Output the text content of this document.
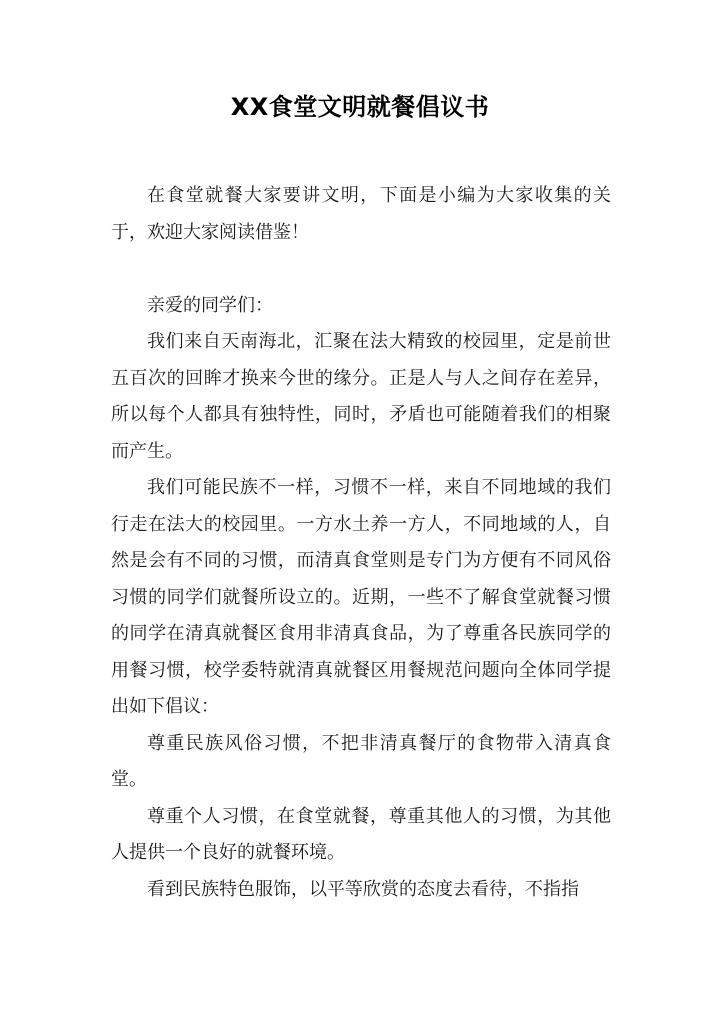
XX食堂文明就餐倡议书

在食堂就餐大家要讲文明，下面是小编为大家收集的关于，欢迎大家阅读借鉴！

亲爱的同学们：

我们来自天南海北，汇聚在法大精致的校园里，定是前世五百次的回眸才换来今世的缘分。正是人与人之间存在差异，所以每个人都具有独特性，同时，矛盾也可能随着我们的相聚而产生。

我们可能民族不一样，习惯不一样，来自不同地域的我们行走在法大的校园里。一方水土养一方人，不同地域的人，自然是会有不同的习惯，而清真食堂则是专门为方便有不同风俗习惯的同学们就餐所设立的。近期，一些不了解食堂就餐习惯的同学在清真就餐区食用非清真食品，为了尊重各民族同学的用餐习惯，校学委特就清真就餐区用餐规范问题向全体同学提出如下倡议：

尊重民族风俗习惯，不把非清真餐厅的食物带入清真食堂。

尊重个人习惯，在食堂就餐，尊重其他人的习惯，为其他人提供一个良好的就餐环境。

看到民族特色服饰，以平等欣赏的态度去看待，不指指
